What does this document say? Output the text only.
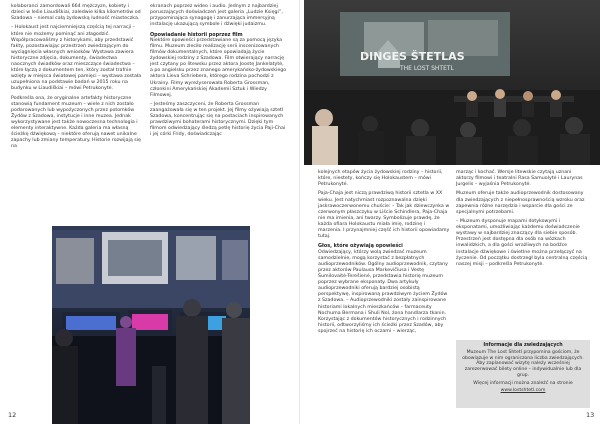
kolaboranci zamordowali 664 mężczyzn, kobiety i dzieci w leśie Liaudiškiai, zaledwie kilka kilometrów od Szadowa – niemal całą żydowską ludność miasteczka.

– Holokaust jest najciemniejszą częścią tej narracji – które nie możemy pominąć ani złagodzić. Współpracowaliśmy z historykami, aby przedstawić fakty, pozostawiając przestrzeń zwiedzającym do wyciągnięcia własnych wniosków. Wystawa zawiera historyczne zdjęcia, dokumenty, świadectwa naocznych świadków oraz mieszczące świadectwa – które łączą z dokumentem ten, który został trafnie wzięty w miejsca światowej pamięci – wystawa została uzupełniona na podstawie badań w 2015 roku na budynku w Liaudiškiai – mówi Petrukonytė.

Podkreśla ona, że oryginalne artefakty historyczne stanowią fundament muzeum – wiele z nich zostało podarowanych lub wypożyczonych przez potomków Żydów z Szadowa, instytucje i inne muzea. Jednak wykorzystywane jest także nowoczesna technologia i elementy interaktywne. Każda galeria ma własną ścieżkę dźwiękową – niektóre oferują nawet unikalne zapachy lub zmiany temperatury. Historie rozwijają się na

ekranach poprzez wideo i audio. Jednym z najbardziej poruszających doświadczeń jest galeria „Ludzie Księgi”, przypominająca synagogę i zanurzająca immersyjną instalację ukazującą symbole i dźwięki judaizmu.

Opowiadanie historii poprzez film

Niektóre opowieści przedstawiane są za pomocą języka filmu. Muzeum zleciło realizację serii inscenizowanych filmów dokumentalnych, które opowiadają życie żydowskiej rodziny z Szadowa. Film otwierający narrację jest czytany po litewsku przez aktora Joostę Jankelatytė, a po angielsku przez znanego amerykańsko-żydowskiego aktora Lieva Schriebera, którego rodzina pochodzi z Ukrainy. Filmy wyreżyserowała Roberta Grossman, członkini Amerykańskiej Akademii Sztuk i Wiedzy Filmowej.

– Jesteśmy zaszczyceni, że Roberta Grossman zaangażowała się w ten projekt. Jej filmy ożywiają sztetl Szadowa, koncentrując się na postaciach inspirowanych prawdziwymi bohaterami historycznymi. Dzięki tym filmom odwiedzający śledzą petlę historię życia Paji-Chai i jej córki Fridy, doświadczając

12
DINGES ŠTETLAS
THE LOST SHTETL

kolejnych etapów życia żydowskiej rodziny – historii, które, niestety, kończy się Holokaustem – mówi Petrukonytė.

Paja-Chaja jest niczą prawdziwą historii sztetla w XX wieku. Jest natychmiast rozpoznawalna dzięki jaskrawoczerwonemu chuście: – Tak jak dziewczynka w czerwonym płaszczyku w Liście Schindlera, Paja-Chaja nie ma imienia, ani twarzy. Symbolizuje prawdę, że każda ofiara Holokaustu miała imię, rodzinę i marzenia. I przynajmniej część ich historii opowiadamy tutaj.

Głos, które ożywiają opowieści

Odwiedzający, którzy wolą zwiedzać muzeum samodzielnie, mogą korzystać z bezpłatnych audioprzewodników. Ogólny audioprzewodnik, czytany przez aktorów Paulausa Markevičiusa i Vestę Šumilovaitė-Terešienė, przedstawia historię muzeum poprzez wybrane eksponaty. Dwa artykuły audioprzewodniki oferują bardziej osobistą perspektywę, inspirowaną prawdziwym życiem Żydów z Szadowa. – Audioprzewodniki zostały zainspirowane historiami lokalnych mieszkańców – farmaceuty Nochuma Bermana i Shuli Nol, żona handlarza tkanin. Korzystając z dokumentów historycznych i rodzinnych historii, odtworzyliśmy ich ścieżki przez Szadów, aby spojrzeć na historię ich oczami – wierząc,

marząc i kochać. Wersje litewskie czytają uznani aktorzy filmowi i teatralni Rasa Samuolytė i Laurynas Jurgelis – wyjaśnia Petrukonytė.

Muzeum oferuje także audioprzewodnik dostosowany dla zwiedzających z niepełnosprawnością wzroku oraz zapewnia różne narzędzia i wsparcie dla gości ze specjalnymi potrzebami.

– Muzeum dysponuje mapami dotykowymi i eksponatami, umożliwiając każdemu doświadczenie wystawy w najbardziej znaczący dla siebie sposób. Przestrzeń jest dostępna dla osób na wózkach inwalidzkich, a dla gości wrażliwych na bodźce instalacje dźwiękowe i świetlne można przełączyć na życzenie. Od początku dostrzegł byla centralną częścią naszej misji – podkreśla Petrukonytė.

Informacje dla zwiedzających

Muzeum The Lost Shtetl przypomina gościom, że obowiązuje w nim ograniczona liczba zwiedzających. Aby zaplanować wizytę należy wcześniej zarezerwować bilety online – indywidualnie lub dla grup.

Więcej informacji można znaleźć na stronie

www.lostshtetl.com

13
